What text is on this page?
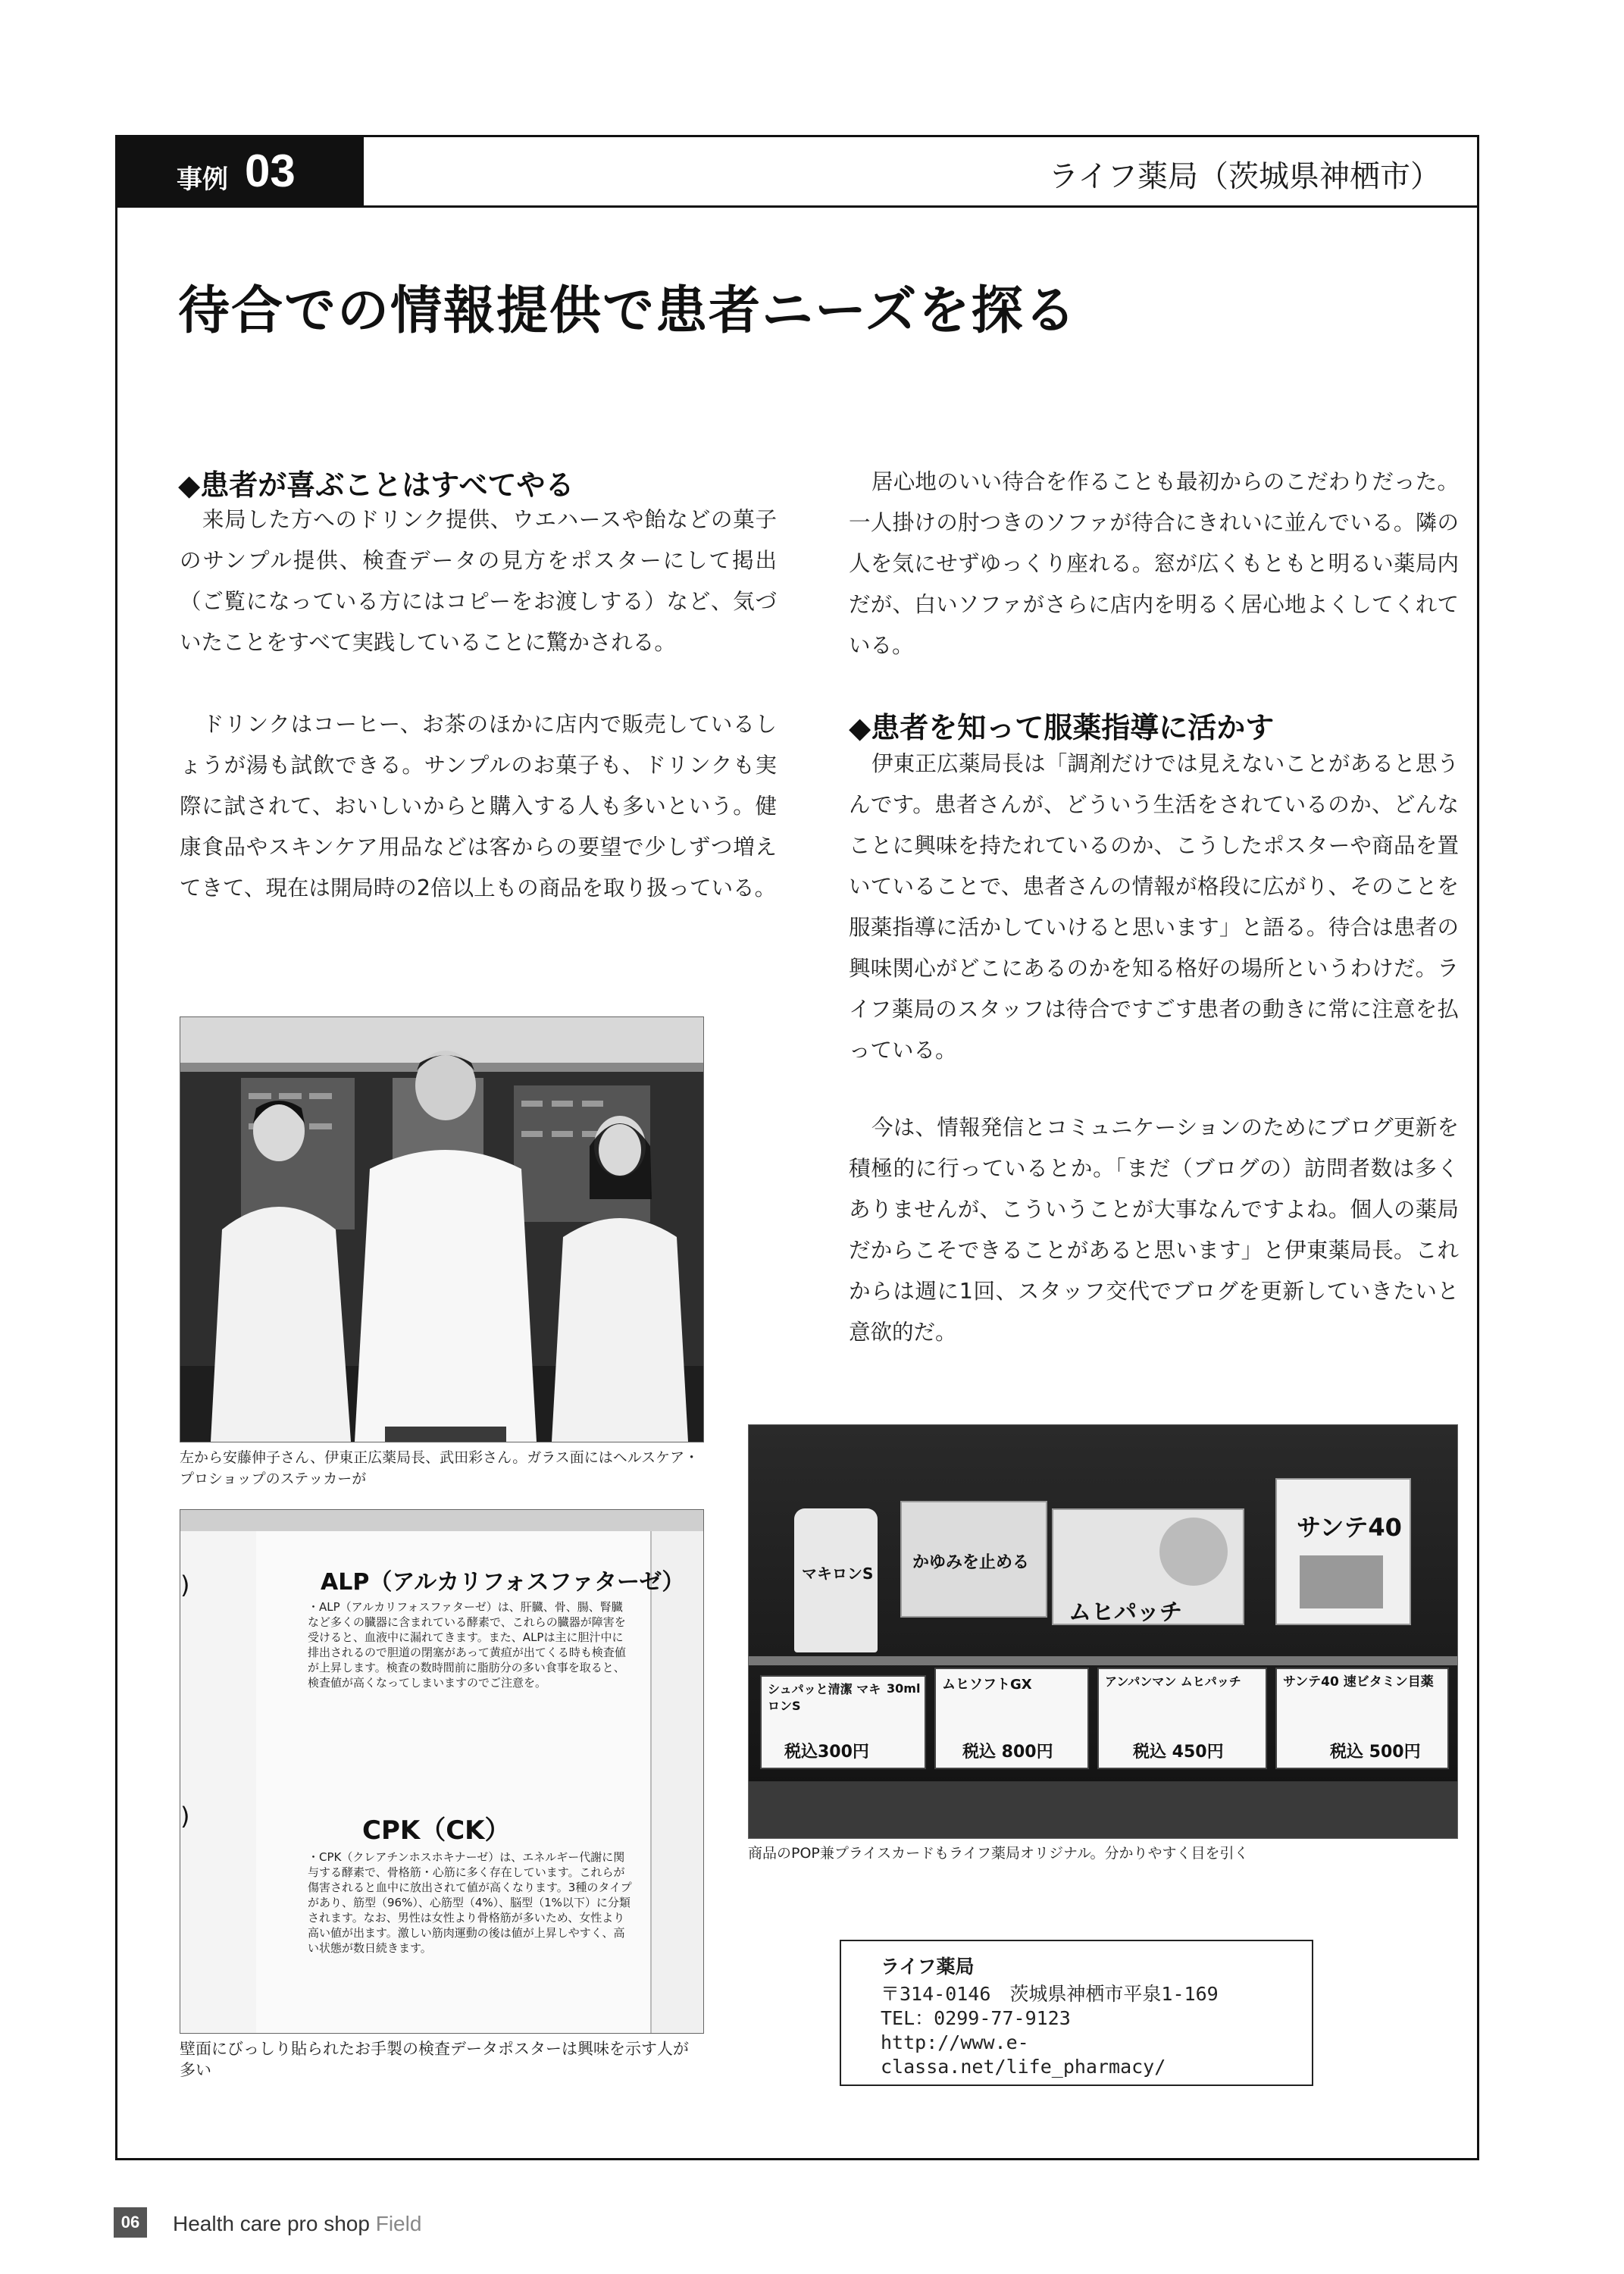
事例 03	ライフ薬局（茨城県神栖市）
待合での情報提供で患者ニーズを探る
◆患者が喜ぶことはすべてやる

来局した方へのドリンク提供、ウエハースや飴などの菓子のサンプル提供、検査データの見方をポスターにして掲出（ご覧になっている方にはコピーをお渡しする）など、気づいたことをすべて実践していることに驚かされる。

ドリンクはコーヒー、お茶のほかに店内で販売しているしょうが湯も試飲できる。サンプルのお菓子も、ドリンクも実際に試されて、おいしいからと購入する人も多いという。健康食品やスキンケア用品などは客からの要望で少しずつ増えてきて、現在は開局時の2倍以上もの商品を取り扱っている。

左から安藤伸子さん、伊東正広薬局長、武田彩さん。ガラス面にはヘルスケア・プロショップのステッカーが
)
)
ALP（アルカリフォスファターゼ）
・ALP（アルカリフォスファターゼ）は、肝臓、骨、腸、腎臓など多くの臓器に含まれている酵素で、これらの臓器が障害を受けると、血液中に漏れてきます。また、ALPは主に胆汁中に排出されるので胆道の閉塞があって黄疸が出てくる時も検査値が上昇します。検査の数時間前に脂肪分の多い食事を取ると、検査値が高くなってしまいますのでご注意を。
CPK（CK）
・CPK（クレアチンホスホキナーゼ）は、エネルギー代謝に関与する酵素で、骨格筋・心筋に多く存在しています。これらが傷害されると血中に放出されて値が高くなります。3種のタイプがあり、筋型（96%）、心筋型（4%）、脳型（1%以下）に分類されます。なお、男性は女性より骨格筋が多いため、女性より高い値が出ます。激しい筋肉運動の後は値が上昇しやすく、高い状態が数日続きます。
壁面にびっしり貼られたお手製の検査データポスターは興味を示す人が多い

居心地のいい待合を作ることも最初からのこだわりだった。一人掛けの肘つきのソファが待合にきれいに並んでいる。隣の人を気にせずゆっくり座れる。窓が広くもともと明るい薬局内だが、白いソファがさらに店内を明るく居心地よくしてくれている。

◆患者を知って服薬指導に活かす

伊東正広薬局長は「調剤だけでは見えないことがあると思うんです。患者さんが、どういう生活をされているのか、どんなことに興味を持たれているのか、こうしたポスターや商品を置いていることで、患者さんの情報が格段に広がり、そのことを服薬指導に活かしていけると思います」と語る。待合は患者の興味関心がどこにあるのかを知る格好の場所というわけだ。ライフ薬局のスタッフは待合ですごす患者の動きに常に注意を払っている。

今は、情報発信とコミュニケーションのためにブログ更新を積極的に行っているとか。「まだ（ブログの）訪問者数は多くありませんが、こういうことが大事なんですよね。個人の薬局だからこそできることがあると思います」と伊東薬局長。これからは週に1回、スタッフ交代でブログを更新していきたいと意欲的だ。

マキロンS
かゆみを止める
ムヒパッチ
サンテ40
シュパッと清潔 マキロンS
30ml
税込300円
ムヒソフトGX
税込 800円
アンパンマン ムヒパッチ
税込 450円
サンテ40 速ビタミン目薬
税込 500円
商品のPOP兼プライスカードもライフ薬局オリジナル。分かりやすく目を引く
ライフ薬局
〒314-0146　茨城県神栖市平泉1-169
TEL：0299-77-9123
http://www.e-classa.net/life_pharmacy/
06	Health care pro shop Field
